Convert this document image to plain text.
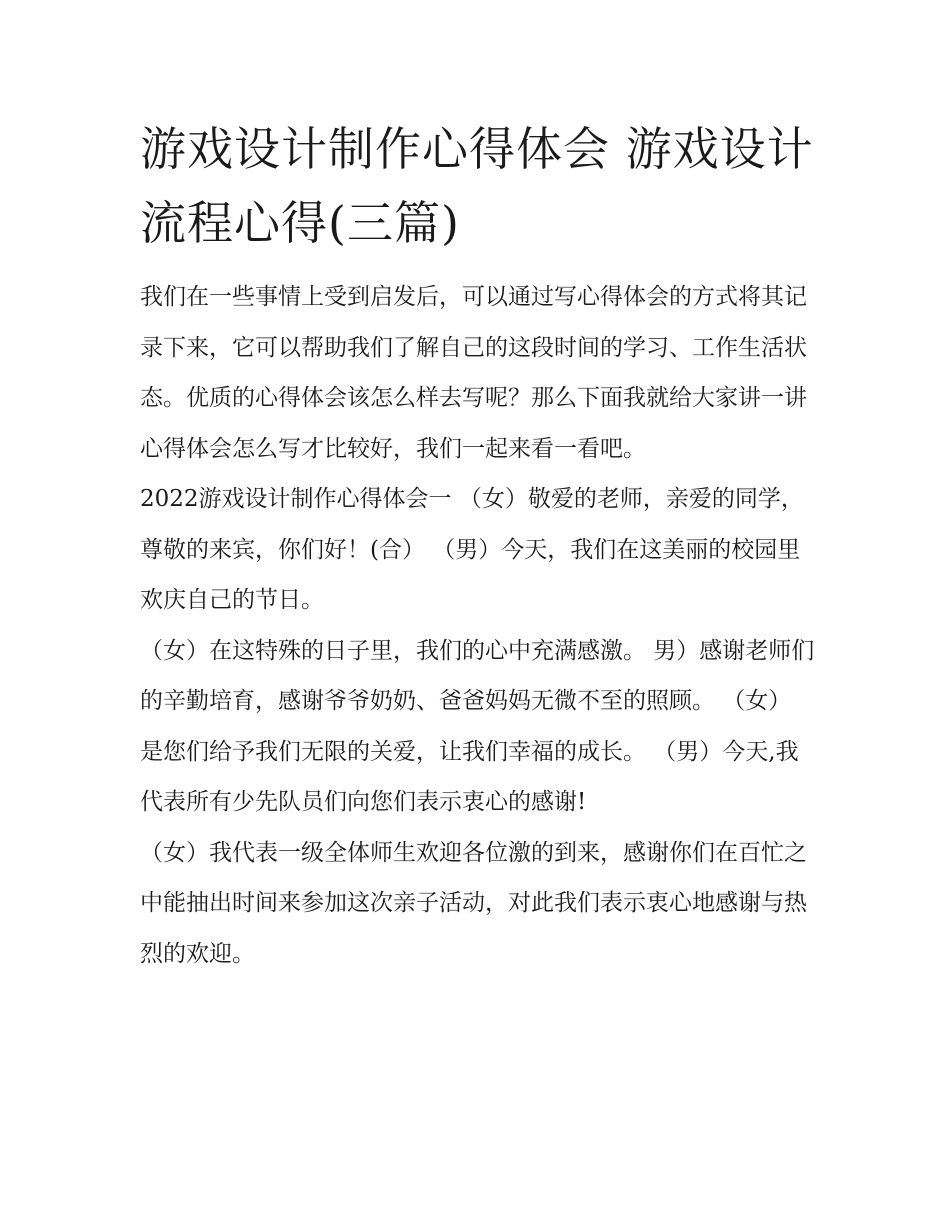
游戏设计制作心得体会 游戏设计流程心得(三篇)

我们在一些事情上受到启发后，可以通过写心得体会的方式将其记录下来，它可以帮助我们了解自己的这段时间的学习、工作生活状态。优质的心得体会该怎么样去写呢？那么下面我就给大家讲一讲心得体会怎么写才比较好，我们一起来看一看吧。

2022游戏设计制作心得体会一 （女）敬爱的老师，亲爱的同学，尊敬的来宾，你们好！(合） （男）今天，我们在这美丽的校园里欢庆自己的节日。

（女）在这特殊的日子里，我们的心中充满感激。 男）感谢老师们的辛勤培育，感谢爷爷奶奶、爸爸妈妈无微不至的照顾。 （女）

是您们给予我们无限的关爱，让我们幸福的成长。 （男）今天,我代表所有少先队员们向您们表示衷心的感谢!

（女）我代表一级全体师生欢迎各位激的到来，感谢你们在百忙之中能抽出时间来参加这次亲子活动，对此我们表示衷心地感谢与热烈的欢迎。
